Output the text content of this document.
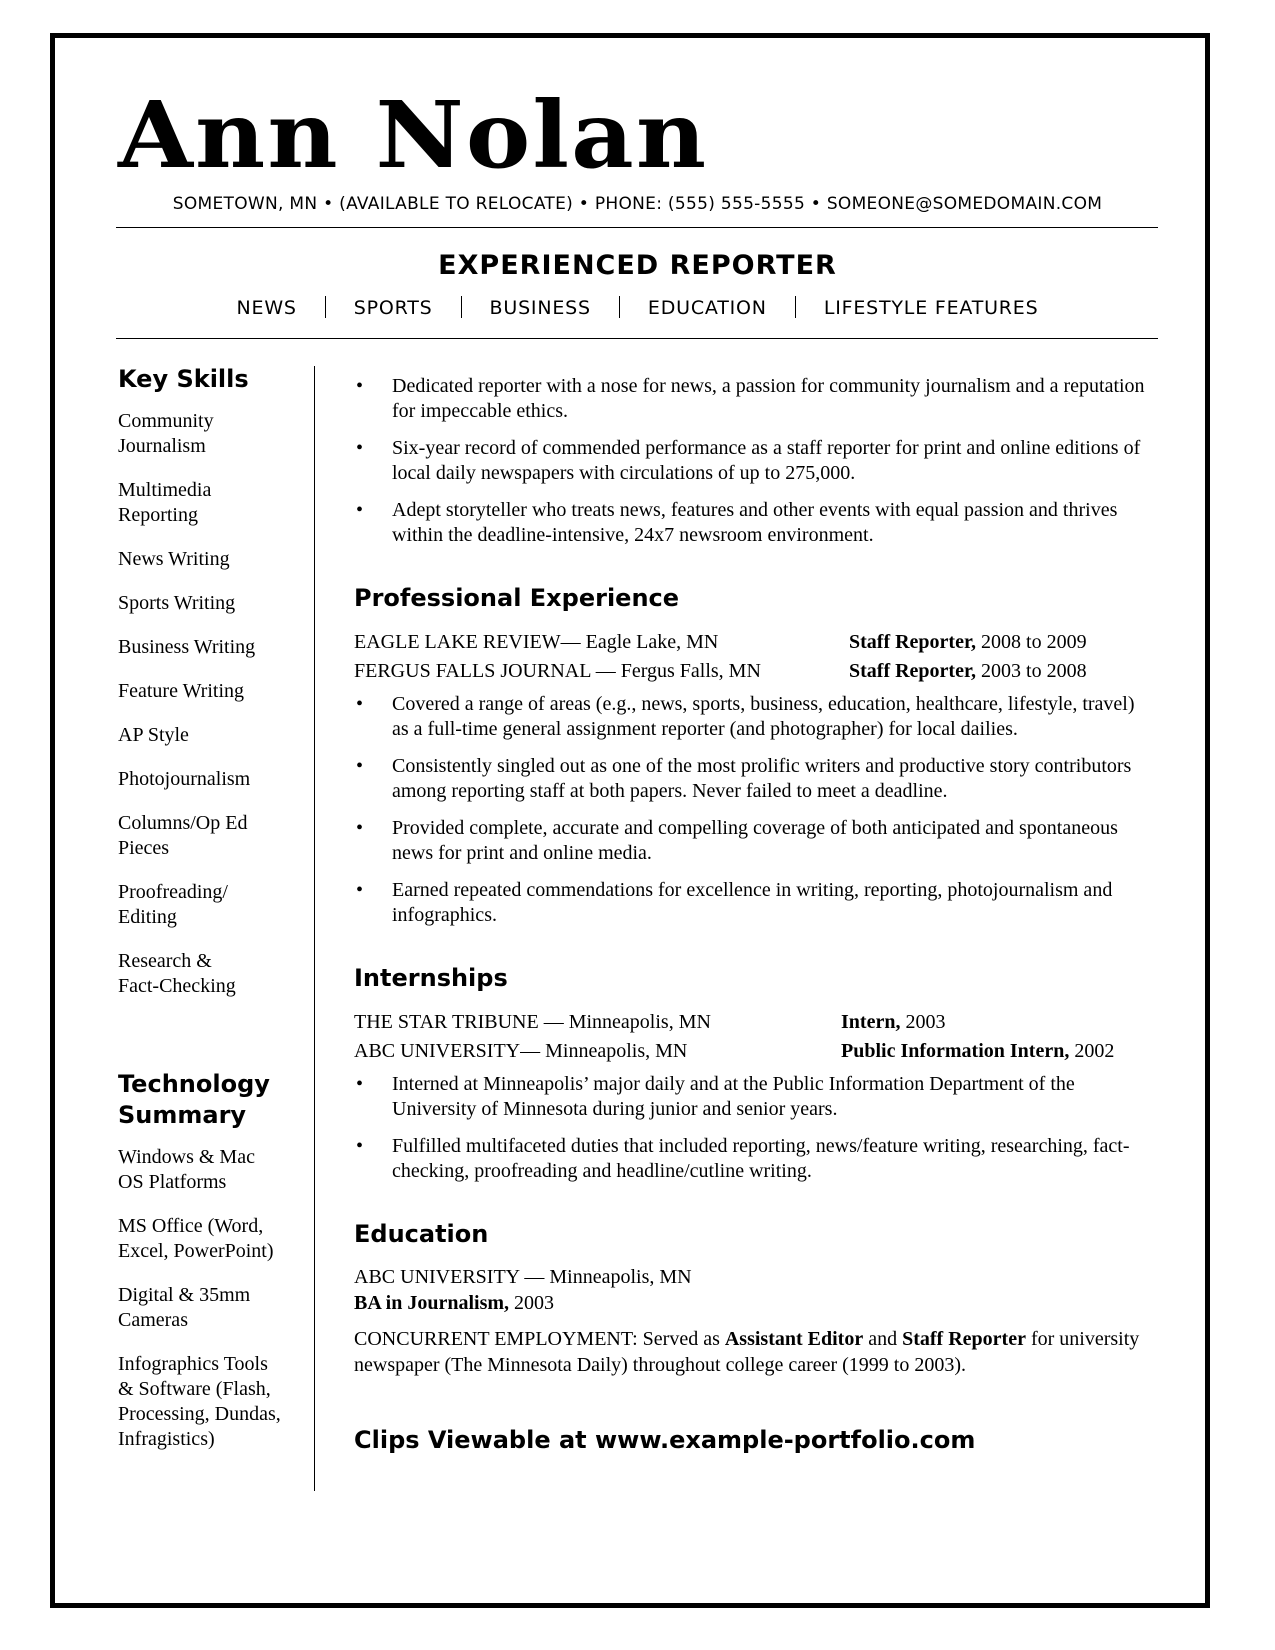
Ann Nolan
SOMETOWN, MN • (AVAILABLE TO RELOCATE) • PHONE: (555) 555-5555 • SOMEONE@SOMEDOMAIN.COM
EXPERIENCED REPORTER
NEWS	SPORTS	BUSINESS	EDUCATION	LIFESTYLE FEATURES
Key Skills
Community
Journalism
Multimedia
Reporting
News Writing
Sports Writing
Business Writing
Feature Writing
AP Style
Photojournalism
Columns/Op Ed
Pieces
Proofreading/
Editing
Research &
Fact-Checking
Technology Summary
Windows & Mac
OS Platforms
MS Office (Word,
Excel, PowerPoint)
Digital & 35mm
Cameras
Infographics Tools
& Software (Flash,
Processing, Dundas,
Infragistics)
• Dedicated reporter with a nose for news, a passion for community journalism and a reputation for impeccable ethics.
• Six-year record of commended performance as a staff reporter for print and online editions of local daily newspapers with circulations of up to 275,000.
• Adept storyteller who treats news, features and other events with equal passion and thrives within the deadline-intensive, 24x7 newsroom environment.
Professional Experience
EAGLE LAKE REVIEW— Eagle Lake, MN	Staff Reporter, 2008 to 2009
FERGUS FALLS JOURNAL — Fergus Falls, MN	Staff Reporter, 2003 to 2008
• Covered a range of areas (e.g., news, sports, business, education, healthcare, lifestyle, travel) as a full-time general assignment reporter (and photographer) for local dailies.
• Consistently singled out as one of the most prolific writers and productive story contributors among reporting staff at both papers. Never failed to meet a deadline.
• Provided complete, accurate and compelling coverage of both anticipated and spontaneous news for print and online media.
• Earned repeated commendations for excellence in writing, reporting, photojournalism and infographics.
Internships
THE STAR TRIBUNE — Minneapolis, MN	Intern, 2003
ABC UNIVERSITY— Minneapolis, MN	Public Information Intern, 2002
• Interned at Minneapolis’ major daily and at the Public Information Department of the University of Minnesota during junior and senior years.
• Fulfilled multifaceted duties that included reporting, news/feature writing, researching, fact-checking, proofreading and headline/cutline writing.
Education

ABC UNIVERSITY — Minneapolis, MN

BA in Journalism, 2003

CONCURRENT EMPLOYMENT: Served as Assistant Editor and Staff Reporter for university newspaper (The Minnesota Daily) throughout college career (1999 to 2003).

Clips Viewable at www.example-portfolio.com
